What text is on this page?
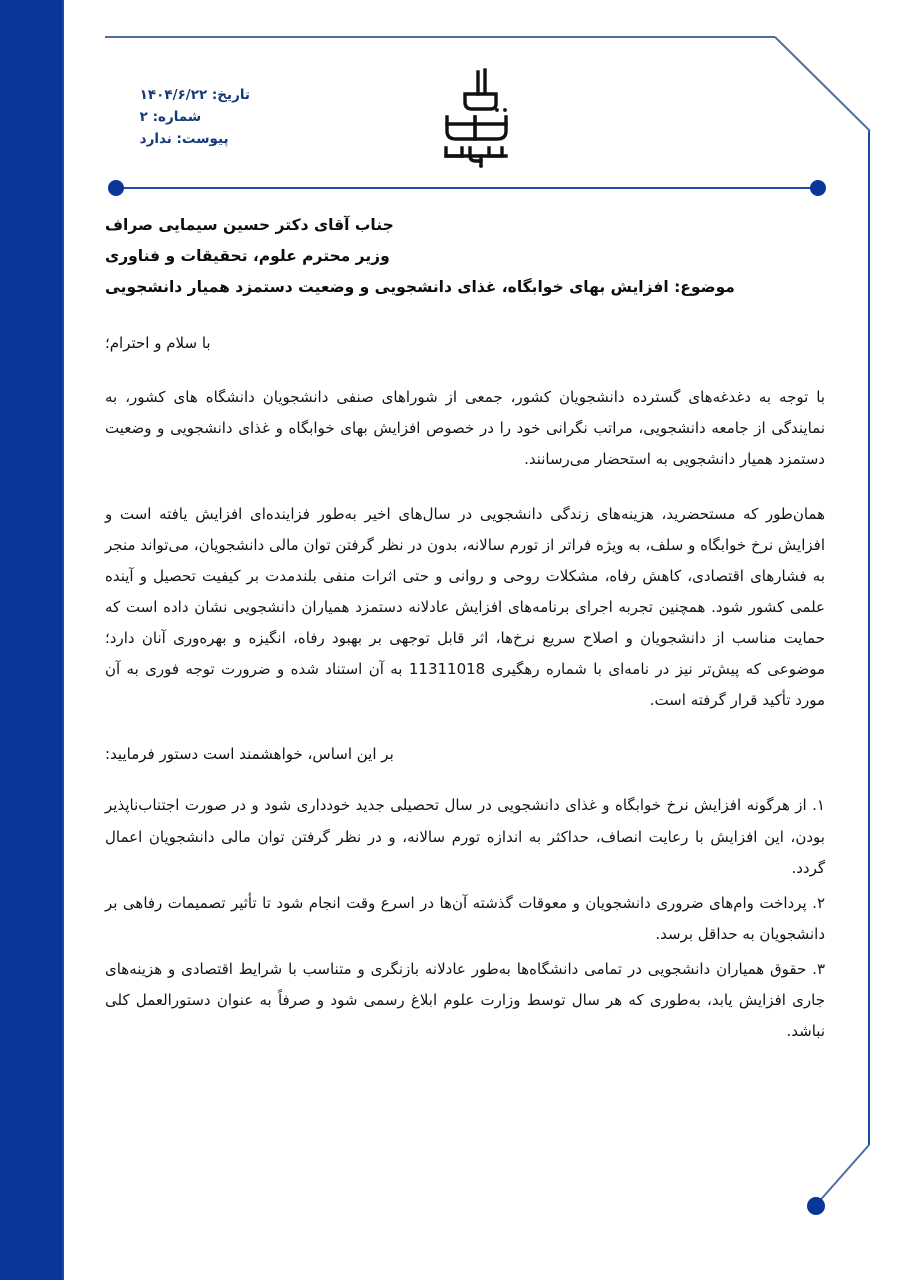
تاریخ: ۱۴۰۴/۶/۲۲
شماره: ۲
پیوست: ندارد
جناب آقای دکتر حسین سیمایی صراف
وزیر محترم علوم، تحقیقات و فناوری
موضوع: افزایش بهای خوابگاه، غذای دانشجویی و وضعیت دستمزد همیار دانشجویی
با سلام و احترام؛

با توجه به دغدغه‌های گسترده دانشجویان کشور، جمعی از شوراهای صنفی دانشجویان دانشگاه های کشور، به نمایندگی از جامعه دانشجویی، مراتب نگرانی خود را در خصوص افزایش بهای خوابگاه و غذای دانشجویی و وضعیت دستمزد همیار دانشجویی به استحضار می‌رسانند.

همان‌طور که مستحضرید، هزینه‌های زندگی دانشجویی در سال‌های اخیر به‌طور فزاینده‌ای افزایش یافته است و افزایش نرخ خوابگاه و سلف، به ویژه فراتر از تورم سالانه، بدون در نظر گرفتن توان مالی دانشجویان، می‌تواند منجر به فشارهای اقتصادی، کاهش رفاه، مشکلات روحی و روانی و حتی اثرات منفی بلندمدت بر کیفیت تحصیل و آینده علمی کشور شود. همچنین تجربه اجرای برنامه‌های افزایش عادلانه دستمزد همیاران دانشجویی نشان داده است که حمایت مناسب از دانشجویان و اصلاح سریع نرخ‌ها، اثر قابل توجهی بر بهبود رفاه، انگیزه و بهره‌وری آنان دارد؛ موضوعی که پیش‌تر نیز در نامه‌ای با شماره رهگیری 11311018 به آن استناد شده و ضرورت توجه فوری به آن مورد تأکید قرار گرفته است.

بر این اساس، خواهشمند است دستور فرمایید:
۱. از هرگونه افزایش نرخ خوابگاه و غذای دانشجویی در سال تحصیلی جدید خودداری شود و در صورت اجتناب‌ناپذیر بودن، این افزایش با رعایت انصاف، حداکثر به اندازه تورم سالانه، و در نظر گرفتن توان مالی دانشجویان اعمال گردد.
۲. پرداخت وام‌های ضروری دانشجویان و معوقات گذشته آن‌ها در اسرع وقت انجام شود تا تأثیر تصمیمات رفاهی بر دانشجویان به حداقل برسد.
۳. حقوق همیاران دانشجویی در تمامی دانشگاه‌ها به‌طور عادلانه بازنگری و متناسب با شرایط اقتصادی و هزینه‌های جاری افزایش یابد، به‌طوری که هر سال توسط وزارت علوم ابلاغ رسمی شود و صرفاً به عنوان دستورالعمل کلی نباشد.
